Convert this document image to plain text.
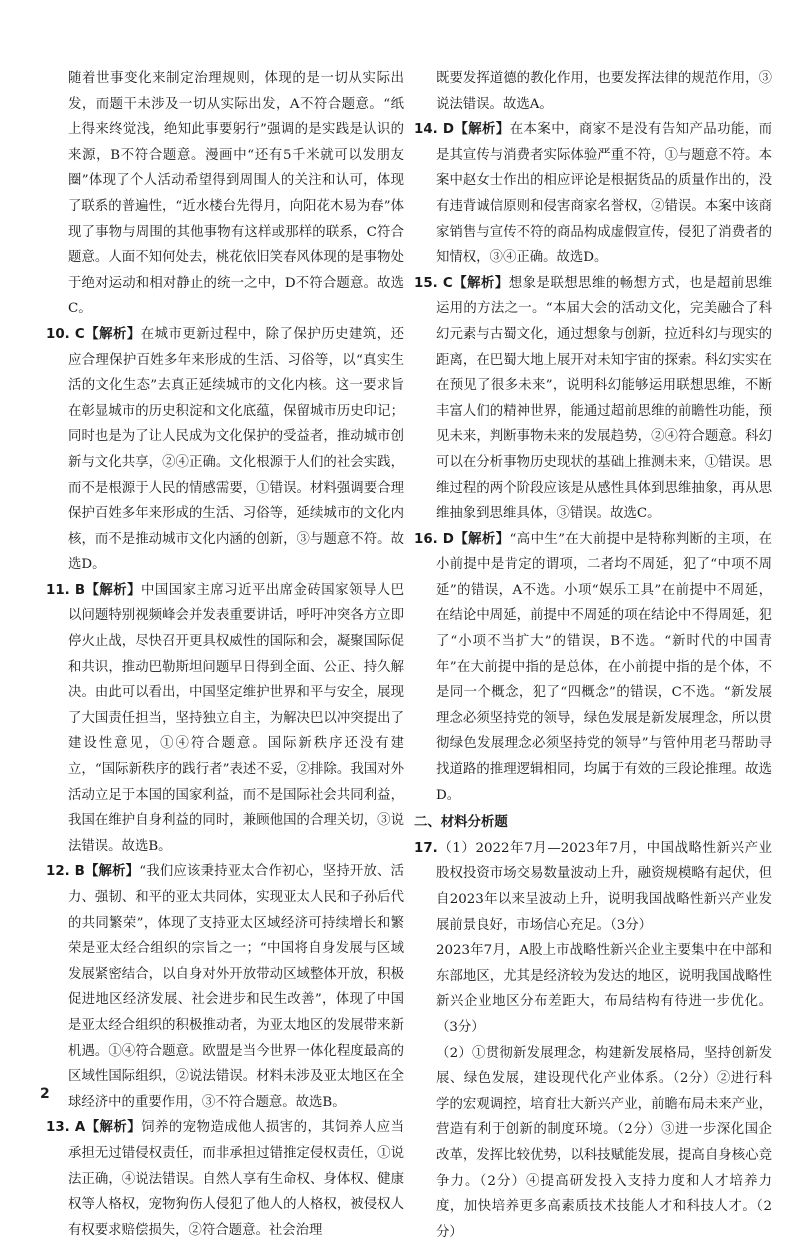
随着世事变化来制定治理规则，体现的是一切从实际出发，而题干未涉及一切从实际出发，A不符合题意。“纸上得来终觉浅，绝知此事要躬行”强调的是实践是认识的来源，B不符合题意。漫画中“还有5千米就可以发朋友圈”体现了个人活动希望得到周围人的关注和认可，体现了联系的普遍性，“近水楼台先得月，向阳花木易为春”体现了事物与周围的其他事物有这样或那样的联系，C符合题意。人面不知何处去，桃花依旧笑春风体现的是事物处于绝对运动和相对静止的统一之中，D不符合题意。故选C。

10. C【解析】在城市更新过程中，除了保护历史建筑，还应合理保护百姓多年来形成的生活、习俗等，以“真实生活的文化生态”去真正延续城市的文化内核。这一要求旨在彰显城市的历史积淀和文化底蕴，保留城市历史印记；同时也是为了让人民成为文化保护的受益者，推动城市创新与文化共享，②④正确。文化根源于人们的社会实践，而不是根源于人民的情感需要，①错误。材料强调要合理保护百姓多年来形成的生活、习俗等，延续城市的文化内核，而不是推动城市文化内涵的创新，③与题意不符。故选D。

11. B【解析】中国国家主席习近平出席金砖国家领导人巴以问题特别视频峰会并发表重要讲话，呼吁冲突各方立即停火止战，尽快召开更具权威性的国际和会，凝聚国际促和共识，推动巴勒斯坦问题早日得到全面、公正、持久解决。由此可以看出，中国坚定维护世界和平与安全，展现了大国责任担当，坚持独立自主，为解决巴以冲突提出了建设性意见，①④符合题意。国际新秩序还没有建立，“国际新秩序的践行者”表述不妥，②排除。我国对外活动立足于本国的国家利益，而不是国际社会共同利益，我国在维护自身利益的同时，兼顾他国的合理关切，③说法错误。故选B。

12. B【解析】“我们应该秉持亚太合作初心，坚持开放、活力、强韧、和平的亚太共同体，实现亚太人民和子孙后代的共同繁荣”，体现了支持亚太区域经济可持续增长和繁荣是亚太经合组织的宗旨之一；“中国将自身发展与区域发展紧密结合，以自身对外开放带动区域整体开放，积极促进地区经济发展、社会进步和民生改善”，体现了中国是亚太经合组织的积极推动者，为亚太地区的发展带来新机遇。①④符合题意。欧盟是当今世界一体化程度最高的区域性国际组织，②说法错误。材料未涉及亚太地区在全球经济中的重要作用，③不符合题意。故选B。

13. A【解析】饲养的宠物造成他人损害的，其饲养人应当承担无过错侵权责任，而非承担过错推定侵权责任，①说法正确，④说法错误。自然人享有生命权、身体权、健康权等人格权，宠物狗伤人侵犯了他人的人格权，被侵权人有权要求赔偿损失，②符合题意。社会治理

既要发挥道德的教化作用，也要发挥法律的规范作用，③说法错误。故选A。

14. D【解析】在本案中，商家不是没有告知产品功能，而是其宣传与消费者实际体验严重不符，①与题意不符。本案中赵女士作出的相应评论是根据货品的质量作出的，没有违背诚信原则和侵害商家名誉权，②错误。本案中该商家销售与宣传不符的商品构成虚假宣传，侵犯了消费者的知情权，③④正确。故选D。

15. C【解析】想象是联想思维的畅想方式，也是超前思维运用的方法之一。“本届大会的活动文化，完美融合了科幻元素与古蜀文化，通过想象与创新，拉近科幻与现实的距离，在巴蜀大地上展开对未知宇宙的探索。科幻实实在在预见了很多未来”，说明科幻能够运用联想思维，不断丰富人们的精神世界，能通过超前思维的前瞻性功能，预见未来，判断事物未来的发展趋势，②④符合题意。科幻可以在分析事物历史现状的基础上推测未来，①错误。思维过程的两个阶段应该是从感性具体到思维抽象，再从思维抽象到思维具体，③错误。故选C。

16. D【解析】“高中生”在大前提中是特称判断的主项，在小前提中是肯定的谓项，二者均不周延，犯了“中项不周延”的错误，A不选。小项“娱乐工具”在前提中不周延，在结论中周延，前提中不周延的项在结论中不得周延，犯了“小项不当扩大”的错误，B不选。“新时代的中国青年”在大前提中指的是总体，在小前提中指的是个体，不是同一个概念，犯了“四概念”的错误，C不选。“新发展理念必须坚持党的领导，绿色发展是新发展理念，所以贯彻绿色发展理念必须坚持党的领导”与管仲用老马帮助寻找道路的推理逻辑相同，均属于有效的三段论推理。故选D。

二、材料分析题

17.（1）2022年7月—2023年7月，中国战略性新兴产业股权投资市场交易数量波动上升，融资规模略有起伏，但自2023年以来呈波动上升，说明我国战略性新兴产业发展前景良好，市场信心充足。（3分）

2023年7月，A股上市战略性新兴企业主要集中在中部和东部地区，尤其是经济较为发达的地区，说明我国战略性新兴企业地区分布差距大，布局结构有待进一步优化。（3分）

（2）①贯彻新发展理念，构建新发展格局，坚持创新发展、绿色发展，建设现代化产业体系。（2分）②进行科学的宏观调控，培育壮大新兴产业，前瞻布局未来产业，营造有利于创新的制度环境。（2分）③进一步深化国企改革，发挥比较优势，以科技赋能发展，提高自身核心竞争力。（2分）④提高研发投入支持力度和人才培养力度，加快培养更多高素质技术技能人才和科技人才。（2分）

2
